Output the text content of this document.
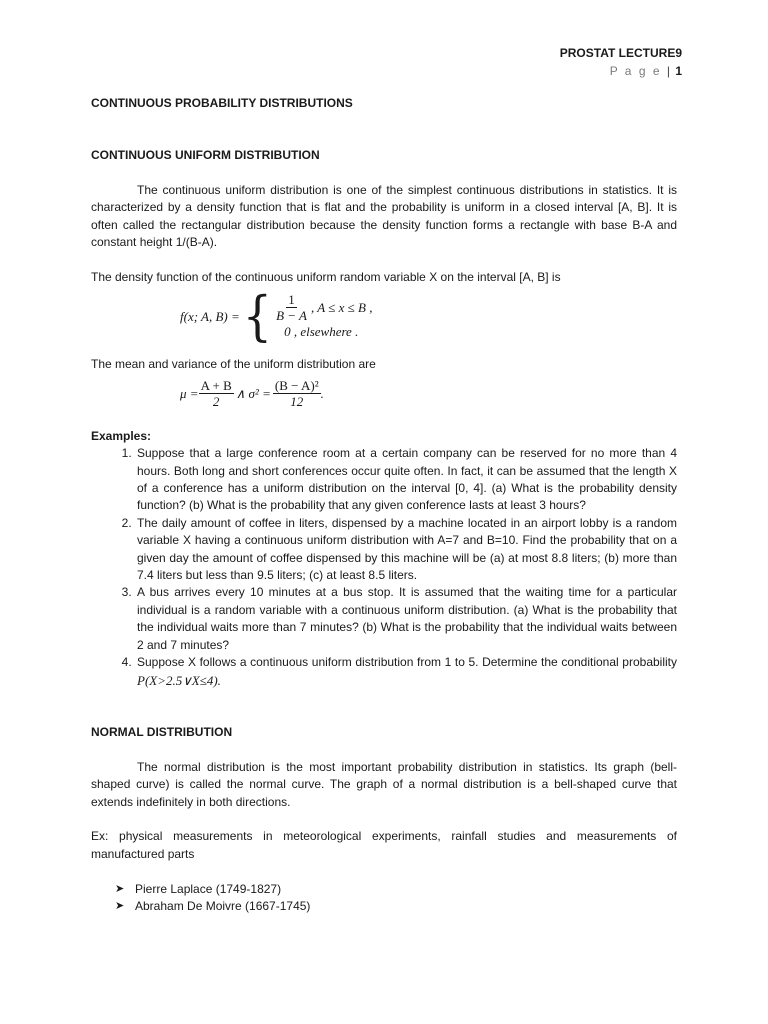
PROSTAT LECTURE9
P a g e | 1

CONTINUOUS PROBABILITY DISTRIBUTIONS

CONTINUOUS UNIFORM DISTRIBUTION

The continuous uniform distribution is one of the simplest continuous distributions in statistics. It is characterized by a density function that is flat and the probability is uniform in a closed interval [A, B]. It is often called the rectangular distribution because the density function forms a rectangle with base B-A and constant height 1/(B-A).

The density function of the continuous uniform random variable X on the interval [A, B] is

f(x; A, B) = { $\frac{1}{B - A}$ , A ≤ x ≤ B ,
0 , elsewhere .

The mean and variance of the uniform distribution are

$\mu = \frac{A + B}{2}$ ∧ $\sigma^2 = \frac{\text{(B − A)²}}{12}$ .

Examples:

1. Suppose that a large conference room at a certain company can be reserved for no more than 4 hours. Both long and short conferences occur quite often. In fact, it can be assumed that the length X of a conference has a uniform distribution on the interval [0, 4]. (a) What is the probability density function? (b) What is the probability that any given conference lasts at least 3 hours?
2. The daily amount of coffee in liters, dispensed by a machine located in an airport lobby is a random variable X having a continuous uniform distribution with A=7 and B=10. Find the probability that on a given day the amount of coffee dispensed by this machine will be (a) at most 8.8 liters; (b) more than 7.4 liters but less than 9.5 liters; (c) at least 8.5 liters.
3. A bus arrives every 10 minutes at a bus stop. It is assumed that the waiting time for a particular individual is a random variable with a continuous uniform distribution. (a) What is the probability that the individual waits more than 7 minutes? (b) What is the probability that the individual waits between 2 and 7 minutes?
4. Suppose X follows a continuous uniform distribution from 1 to 5. Determine the conditional probability P(X>2.5∨X≤4).

NORMAL DISTRIBUTION

The normal distribution is the most important probability distribution in statistics. Its graph (bell-shaped curve) is called the normal curve. The graph of a normal distribution is a bell-shaped curve that extends indefinitely in both directions.

Ex: physical measurements in meteorological experiments, rainfall studies and measurements of manufactured parts

➤ Pierre Laplace (1749-1827)
➤ Abraham De Moivre (1667-1745)
